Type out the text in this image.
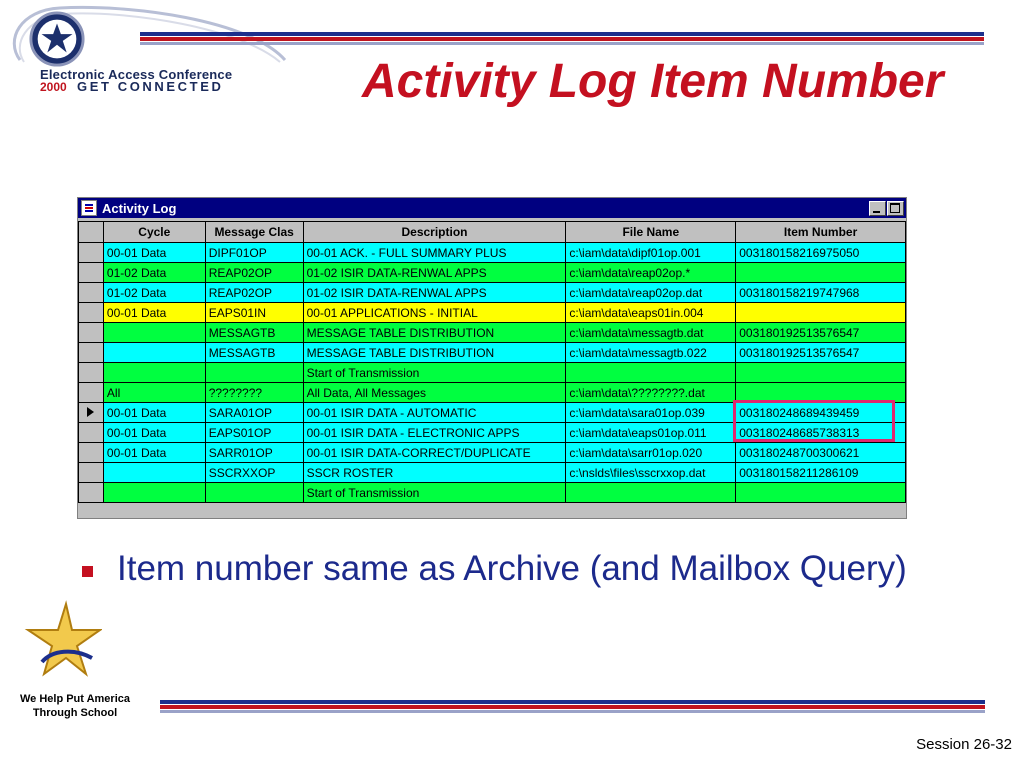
Electronic Access Conference
2000 GET CONNECTED	Activity Log Item Number
Activity Log
	Cycle	Message Clas	Description	File Name	Item Number
	00-01 Data	DIPF01OP	00-01 ACK. - FULL SUMMARY PLUS	c:\iam\data\dipf01op.001	003180158216975050
	01-02 Data	REAP02OP	01-02 ISIR DATA-RENWAL APPS	c:\iam\data\reap02op.*	
	01-02 Data	REAP02OP	01-02 ISIR DATA-RENWAL APPS	c:\iam\data\reap02op.dat	003180158219747968
	00-01 Data	EAPS01IN	00-01 APPLICATIONS - INITIAL	c:\iam\data\eaps01in.004	
		MESSAGTB	MESSAGE TABLE DISTRIBUTION	c:\iam\data\messagtb.dat	003180192513576547
		MESSAGTB	MESSAGE TABLE DISTRIBUTION	c:\iam\data\messagtb.022	003180192513576547
			Start of Transmission		
	All	????????	All Data, All Messages	c:\iam\data\????????.dat	
	00-01 Data	SARA01OP	00-01 ISIR DATA - AUTOMATIC	c:\iam\data\sara01op.039	003180248689439459
	00-01 Data	EAPS01OP	00-01 ISIR DATA - ELECTRONIC APPS	c:\iam\data\eaps01op.011	003180248685738313
	00-01 Data	SARR01OP	00-01 ISIR DATA-CORRECT/DUPLICATE	c:\iam\data\sarr01op.020	003180248700300621
		SSCRXXOP	SSCR ROSTER	c:\nslds\files\sscrxxop.dat	003180158211286109
			Start of Transmission		
Item number same as Archive (and Mailbox Query)
We Help Put America
Through School
Session 26-32
